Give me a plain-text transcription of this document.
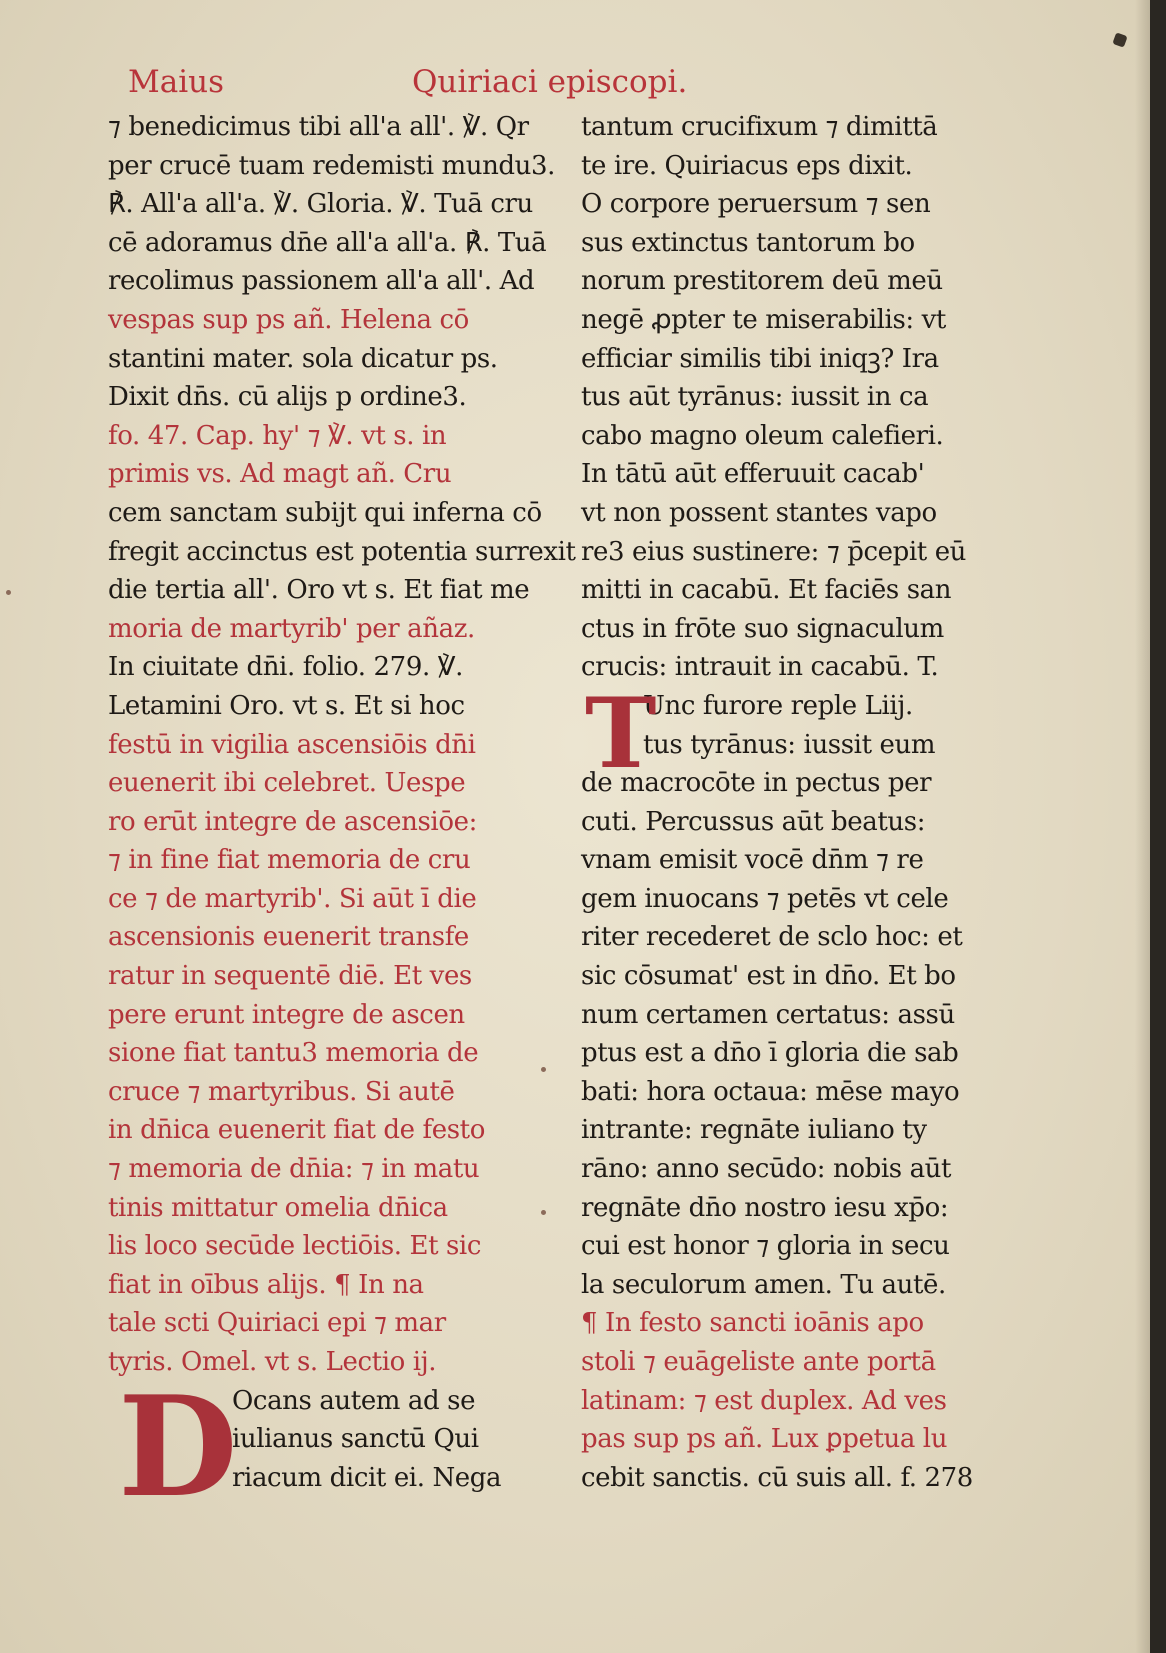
Maius	Quiriaci episcopi.
⁊ benedicimus tibi all'a all'. ℣. Qr
per crucē tuam redemisti mundu3.
℟. All'a all'a. ℣. Gloria. ℣. Tuā cru
cē adoramus dn̄e all'a all'a. ℟. Tuā
recolimus passionem all'a all'. Ad
vespas sup ps añ. Helena cō
stantini mater. sola dicatur ps.
Dixit dn̄s. cū alijs p ordine3.
fo. 47. Cap. hy' ⁊ ℣. vt s. in
primis vs. Ad magt añ. Cru
cem sanctam subijt qui inferna cō
fregit accinctus est potentia surrexit
die tertia all'. Oro vt s. Et fiat me
moria de martyrib' per añaz.
In ciuitate dn̄i. folio. 279. ℣.
Letamini Oro. vt s. Et si hoc
festū in vigilia ascensiōis dn̄i
euenerit ibi celebret. Uespe
ro erūt integre de ascensiōe:
⁊ in fine fiat memoria de cru
ce ⁊ de martyrib'. Si aūt ī die
ascensionis euenerit transfe
ratur in sequentē diē. Et ves
pere erunt integre de ascen
sione fiat tantu3 memoria de
cruce ⁊ martyribus. Si autē
in dn̄ica euenerit fiat de festo
⁊ memoria de dn̄ia: ⁊ in matu
tinis mittatur omelia dn̄ica
lis loco secūde lectiōis. Et sic
fiat in oībus alijs. ¶ In na
tale scti Quiriaci epi ⁊ mar
tyris. Omel. vt s. Lectio ij.
Ocans autem ad se
iulianus sanctū Qui
riacum dicit ei. Nega
tantum crucifixum ⁊ dimittā
te ire. Quiriacus eps dixit.
O corpore peruersum ⁊ sen
sus extinctus tantorum bo
norum prestitorem deū meū
negē ꝓpter te miserabilis: vt
efficiar similis tibi iniqꝫ? Ira
tus aūt tyrānus: iussit in ca
cabo magno oleum calefieri.
In tātū aūt efferuuit cacab'
vt non possent stantes vapo
re3 eius sustinere: ⁊ p̄cepit eū
mitti in cacabū. Et faciēs san
ctus in frōte suo signaculum
crucis: intrauit in cacabū. T.
Unc furore reple Liij.
tus tyrānus: iussit eum
de macrocōte in pectus per
cuti. Percussus aūt beatus:
vnam emisit vocē dn̄m ⁊ re
gem inuocans ⁊ petēs vt cele
riter recederet de sclo hoc: et
sic cōsumat' est in dn̄o. Et bo
num certamen certatus: assū
ptus est a dn̄o ī gloria die sab
bati: hora octaua: mēse mayo
intrante: regnāte iuliano ty
rāno: anno secūdo: nobis aūt
regnāte dn̄o nostro iesu xp̄o:
cui est honor ⁊ gloria in secu
la seculorum amen. Tu autē.
¶ In festo sancti ioānis apo
stoli ⁊ euāgeliste ante portā
latinam: ⁊ est duplex. Ad ves
pas sup ps añ. Lux ꝑpetua lu
cebit sanctis. cū suis all. f. 278
D
T
